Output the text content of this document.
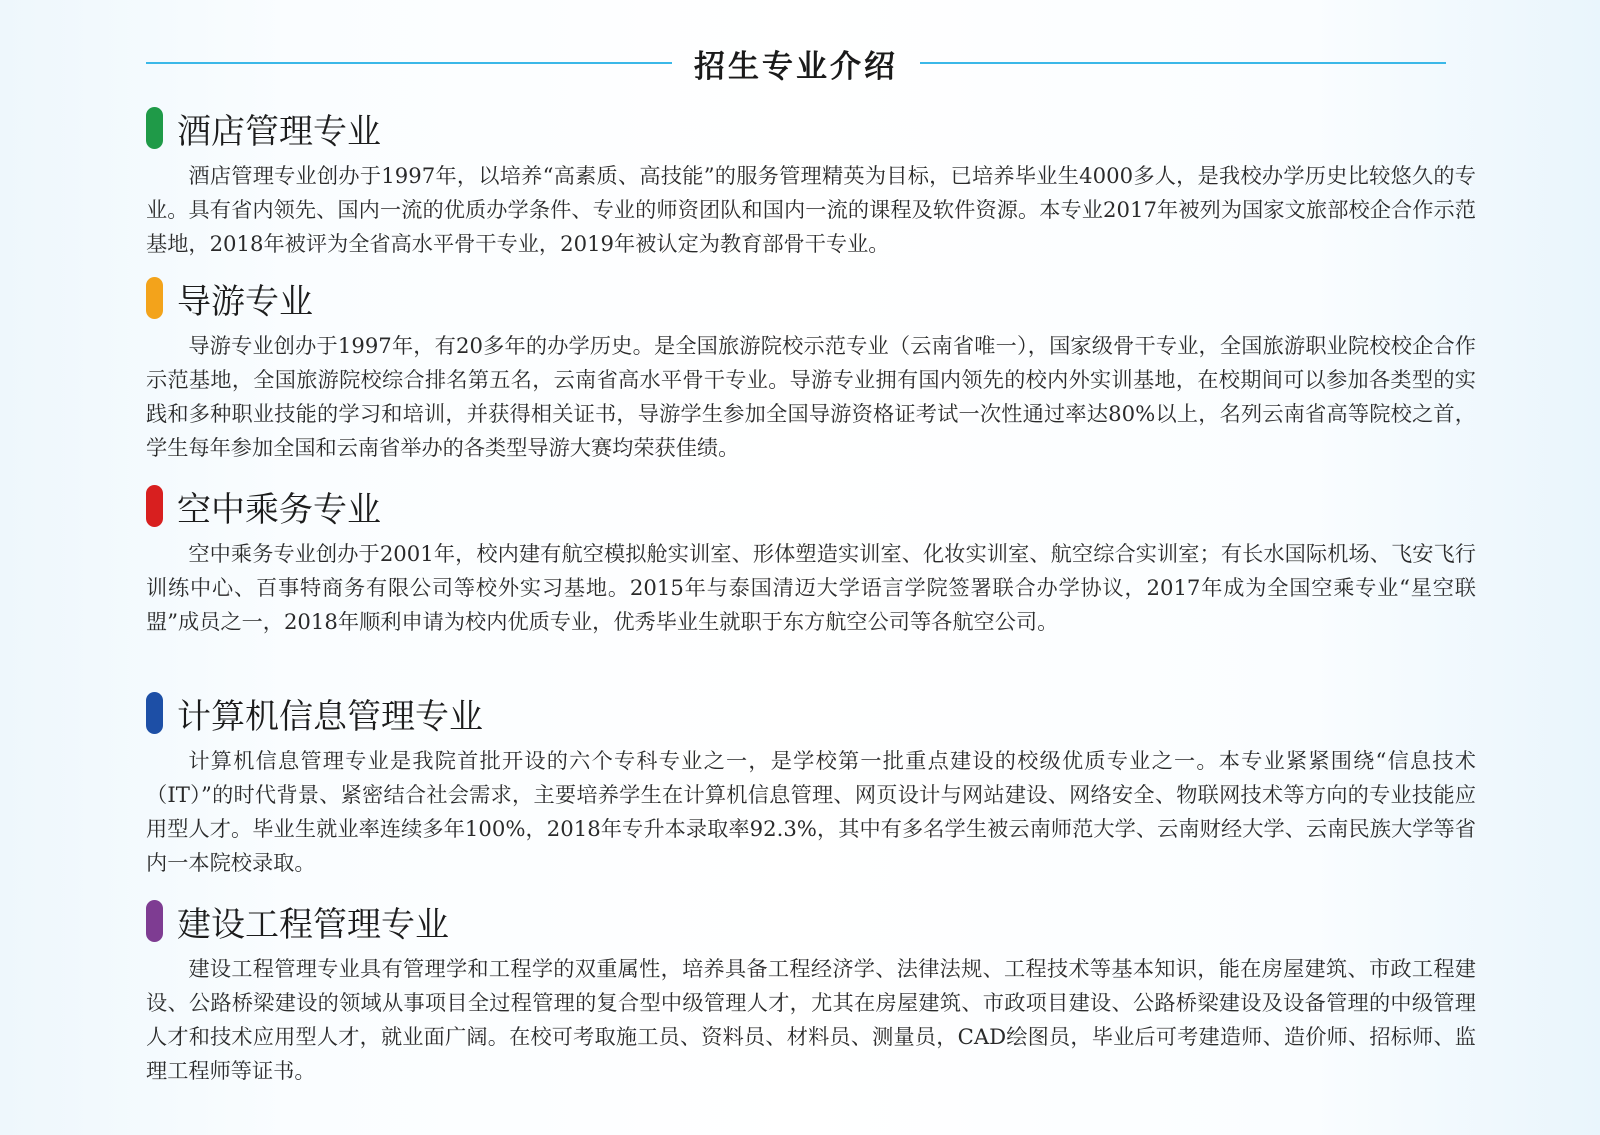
招生专业介绍
酒店管理专业

酒店管理专业创办于1997年，以培养“高素质、高技能”的服务管理精英为目标，已培养毕业生4000多人，是我校办学历史比较悠久的专业。具有省内领先、国内一流的优质办学条件、专业的师资团队和国内一流的课程及软件资源。本专业2017年被列为国家文旅部校企合作示范基地，2018年被评为全省高水平骨干专业，2019年被认定为教育部骨干专业。

导游专业

导游专业创办于1997年，有20多年的办学历史。是全国旅游院校示范专业（云南省唯一），国家级骨干专业，全国旅游职业院校校企合作示范基地，全国旅游院校综合排名第五名，云南省高水平骨干专业。导游专业拥有国内领先的校内外实训基地，在校期间可以参加各类型的实践和多种职业技能的学习和培训，并获得相关证书，导游学生参加全国导游资格证考试一次性通过率达80%以上，名列云南省高等院校之首，学生每年参加全国和云南省举办的各类型导游大赛均荣获佳绩。

空中乘务专业

空中乘务专业创办于2001年，校内建有航空模拟舱实训室、形体塑造实训室、化妆实训室、航空综合实训室；有长水国际机场、飞安飞行训练中心、百事特商务有限公司等校外实习基地。2015年与泰国清迈大学语言学院签署联合办学协议，2017年成为全国空乘专业“星空联盟”成员之一，2018年顺利申请为校内优质专业，优秀毕业生就职于东方航空公司等各航空公司。

计算机信息管理专业

计算机信息管理专业是我院首批开设的六个专科专业之一，是学校第一批重点建设的校级优质专业之一。本专业紧紧围绕“信息技术（IT）”的时代背景、紧密结合社会需求，主要培养学生在计算机信息管理、网页设计与网站建设、网络安全、物联网技术等方向的专业技能应用型人才。毕业生就业率连续多年100%，2018年专升本录取率92.3%，其中有多名学生被云南师范大学、云南财经大学、云南民族大学等省内一本院校录取。

建设工程管理专业

建设工程管理专业具有管理学和工程学的双重属性，培养具备工程经济学、法律法规、工程技术等基本知识，能在房屋建筑、市政工程建设、公路桥梁建设的领域从事项目全过程管理的复合型中级管理人才，尤其在房屋建筑、市政项目建设、公路桥梁建设及设备管理的中级管理人才和技术应用型人才，就业面广阔。在校可考取施工员、资料员、材料员、测量员，CAD绘图员，毕业后可考建造师、造价师、招标师、监理工程师等证书。
